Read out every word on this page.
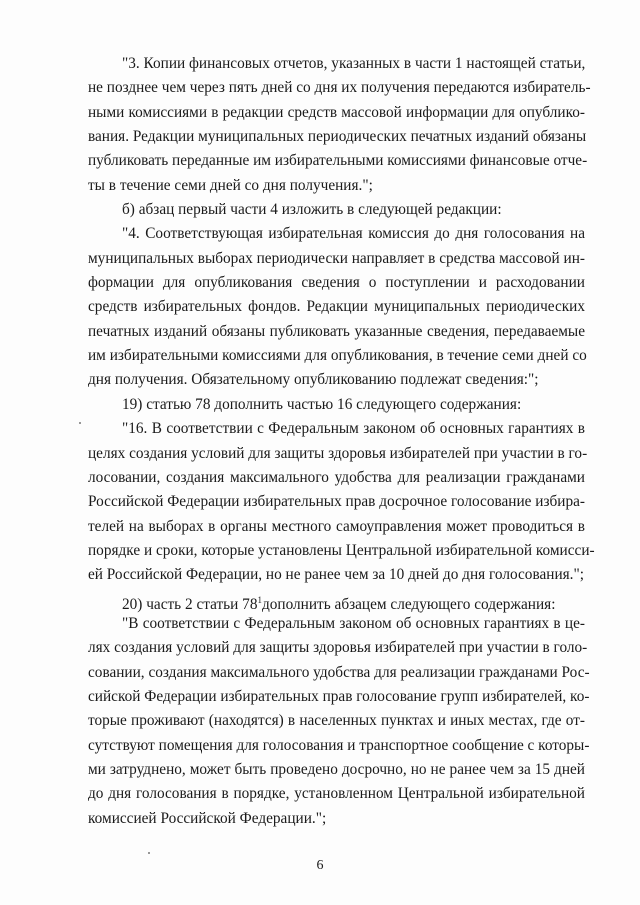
"3. Копии финансовых отчетов, указанных в части 1 настоящей статьи,
не позднее чем через пять дней со дня их получения передаются избиратель-
ными комиссиями в редакции средств массовой информации для опублико-
вания. Редакции муниципальных периодических печатных изданий обязаны
публиковать переданные им избирательными комиссиями финансовые отче-
ты в течение семи дней со дня получения.";
б) абзац первый части 4 изложить в следующей редакции:
"4. Соответствующая избирательная комиссия до дня голосования на
муниципальных выборах периодически направляет в средства массовой ин-
формации для опубликования сведения о поступлении и расходовании
средств избирательных фондов. Редакции муниципальных периодических
печатных изданий обязаны публиковать указанные сведения, передаваемые
им избирательными комиссиями для опубликования, в течение семи дней со
дня получения. Обязательному опубликованию подлежат сведения:";
19) статью 78 дополнить частью 16 следующего содержания:
"16. В соответствии с Федеральным законом об основных гарантиях в
целях создания условий для защиты здоровья избирателей при участии в го-
лосовании, создания максимального удобства для реализации гражданами
Российской Федерации избирательных прав досрочное голосование избира-
телей на выборах в органы местного самоуправления может проводиться в
порядке и сроки, которые установлены Центральной избирательной комисси-
ей Российской Федерации, но не ранее чем за 10 дней до дня голосования.";
20) часть 2 статьи $78^1дополнить$ абзацем следующего содержания:
"В соответствии с Федеральным законом об основных гарантиях в це-
лях создания условий для защиты здоровья избирателей при участии в голо-
совании, создания максимального удобства для реализации гражданами Рос-
сийской Федерации избирательных прав голосование групп избирателей, ко-
торые проживают (находятся) в населенных пунктах и иных местах, где от-
сутствуют помещения для голосования и транспортное сообщение с которы-
ми затруднено, может быть проведено досрочно, но не ранее чем за 15 дней
до дня голосования в порядке, установленном Центральной избирательной
комиссией Российской Федерации.";
6
